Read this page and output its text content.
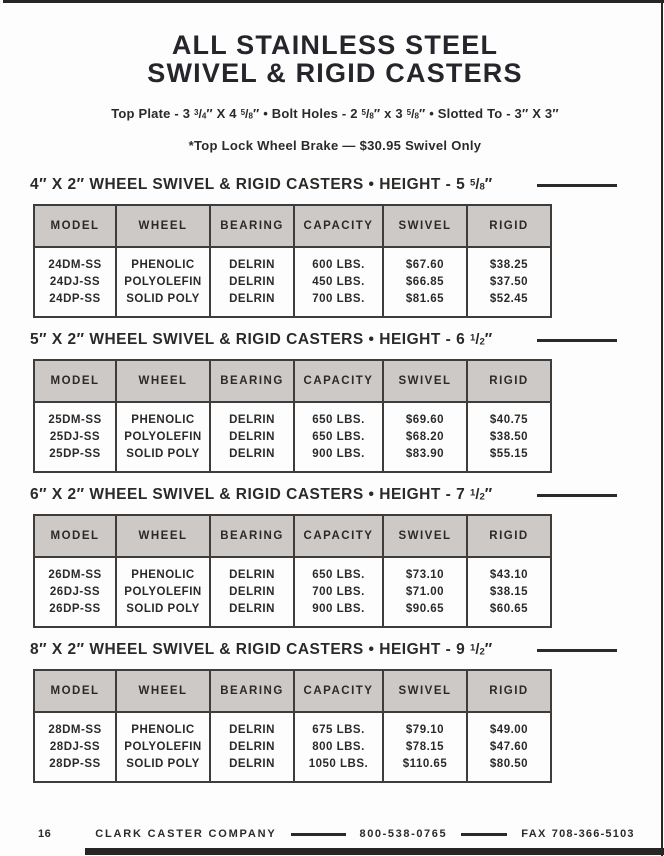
ALL STAINLESS STEEL
SWIVEL & RIGID CASTERS
Top Plate - 3 $^3/_4''$ X 4 $^5/_8''$ • Bolt Holes - 2 $^5/_8''$ x 3 $^5/_8''$ • Slotted To - 3″ X 3″
*Top Lock Wheel Brake — $30.95 Swivel Only
4″ X 2″ WHEEL SWIVEL & RIGID CASTERS • HEIGHT - 5 $^5/_8''$
MODEL	WHEEL	BEARING	CAPACITY	SWIVEL	RIGID
24DM-SS	PHENOLIC	DELRIN	600 LBS.	$67.60	$38.25
24DJ-SS	POLYOLEFIN	DELRIN	450 LBS.	$66.85	$37.50
24DP-SS	SOLID POLY	DELRIN	700 LBS.	$81.65	$52.45
5″ X 2″ WHEEL SWIVEL & RIGID CASTERS • HEIGHT - 6 $^1/_2''$
MODEL	WHEEL	BEARING	CAPACITY	SWIVEL	RIGID
25DM-SS	PHENOLIC	DELRIN	650 LBS.	$69.60	$40.75
25DJ-SS	POLYOLEFIN	DELRIN	650 LBS.	$68.20	$38.50
25DP-SS	SOLID POLY	DELRIN	900 LBS.	$83.90	$55.15
6″ X 2″ WHEEL SWIVEL & RIGID CASTERS • HEIGHT - 7 $^1/_2''$
MODEL	WHEEL	BEARING	CAPACITY	SWIVEL	RIGID
26DM-SS	PHENOLIC	DELRIN	650 LBS.	$73.10	$43.10
26DJ-SS	POLYOLEFIN	DELRIN	700 LBS.	$71.00	$38.15
26DP-SS	SOLID POLY	DELRIN	900 LBS.	$90.65	$60.65
8″ X 2″ WHEEL SWIVEL & RIGID CASTERS • HEIGHT - 9 $^1/_2''$
MODEL	WHEEL	BEARING	CAPACITY	SWIVEL	RIGID
28DM-SS	PHENOLIC	DELRIN	675 LBS.	$79.10	$49.00
28DJ-SS	POLYOLEFIN	DELRIN	800 LBS.	$78.15	$47.60
28DP-SS	SOLID POLY	DELRIN	1050 LBS.	$110.65	$80.50
16	CLARK CASTER COMPANY	800-538-0765	FAX 708-366-5103
